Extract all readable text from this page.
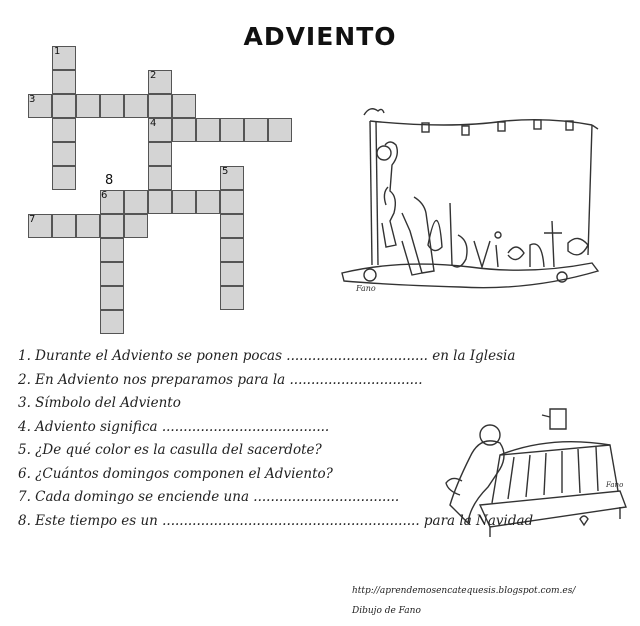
ADVIENTO
1
2
3
4
5
6
7
8
Fano
Fano
1. Durante el Adviento se ponen pocas ................................. en la Iglesia
2. En Adviento nos preparamos para la ...............................
3. Símbolo del Adviento
4. Adviento significa .......................................
5. ¿De qué color es la casulla del sacerdote?
6. ¿Cuántos domingos componen el Adviento?
7. Cada domingo se enciende una ..................................
8. Este tiempo es un ............................................................ para la Navidad
http://aprendemosencatequesis.blogspot.com.es/
Dibujo de Fano
